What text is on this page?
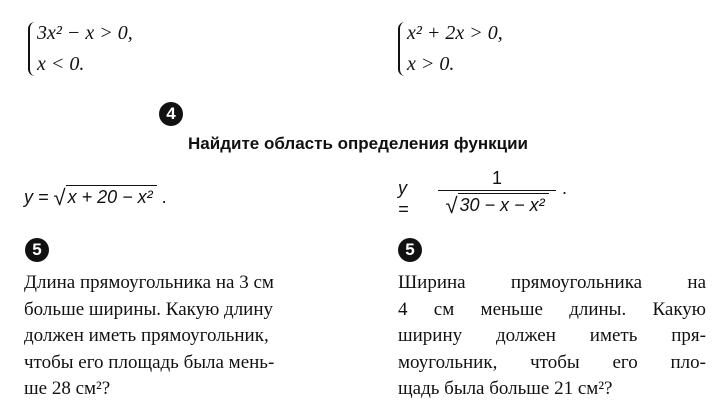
3x² − x > 0,
x < 0.
x² + 2x > 0,
x > 0.
4
Найдите область определения функции
y = √ x + 20 − x² .	y =
1
√ 30 − x − x²
.
5
Длина прямоугольника на 3 см
больше ширины. Какую длину
должен иметь прямоугольник,
чтобы его площадь была мень-
ше 28 см²?
5
Ширина прямоугольника на
4 см меньше длины. Какую
ширину должен иметь пря-
моугольник, чтобы его пло-
щадь была больше 21 см²?
